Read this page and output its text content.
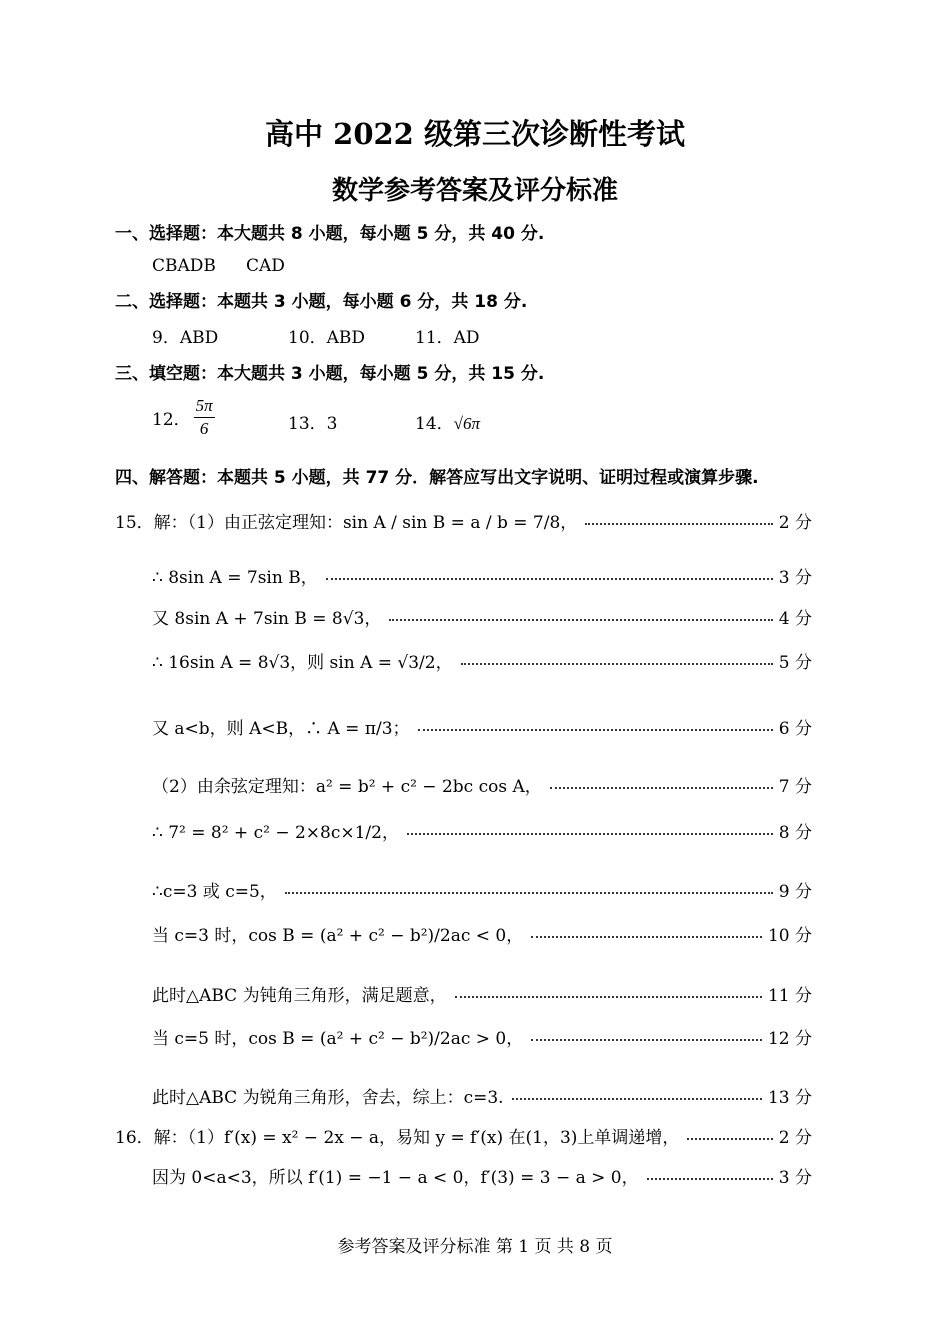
高中 2022 级第三次诊断性考试
数学参考答案及评分标准
一、选择题：本大题共 8 小题，每小题 5 分，共 40 分.
CBADB CAD
二、选择题：本题共 3 小题，每小题 6 分，共 18 分.
9．ABD	10．ABD	11．AD
三、填空题：本大题共 3 小题，每小题 5 分，共 15 分.
12． $\frac{5\pi}{6}$	13．3	14．√6π
四、解答题：本题共 5 小题，共 77 分．解答应写出文字说明、证明过程或演算步骤.
15．解：（1）由正弦定理知：sin A / sin B = a / b = 7/8，	2 分
∴ 8sin A = 7sin B，	3 分
又 8sin A + 7sin B = 8√3，	4 分
∴ 16sin A = 8√3，则 sin A = √3/2，	5 分
又 a<b，则 A<B，∴ A = π/3；	6 分
（2）由余弦定理知：a² = b² + c² − 2bc cos A，	7 分
∴ 7² = 8² + c² − 2×8c×1/2，	8 分
∴c=3 或 c=5，	9 分
当 c=3 时，cos B = (a² + c² − b²)/2ac < 0，	10 分
此时△ABC 为钝角三角形，满足题意，	11 分
当 c=5 时，cos B = (a² + c² − b²)/2ac > 0，	12 分
此时△ABC 为锐角三角形，舍去，综上：c=3.	13 分
16．解：（1）f′(x) = x² − 2x − a，易知 y = f′(x) 在(1，3)上单调递增，	2 分
因为 0<a<3，所以 f′(1) = −1 − a < 0，f′(3) = 3 − a > 0，	3 分
参考答案及评分标准 第 1 页 共 8 页
